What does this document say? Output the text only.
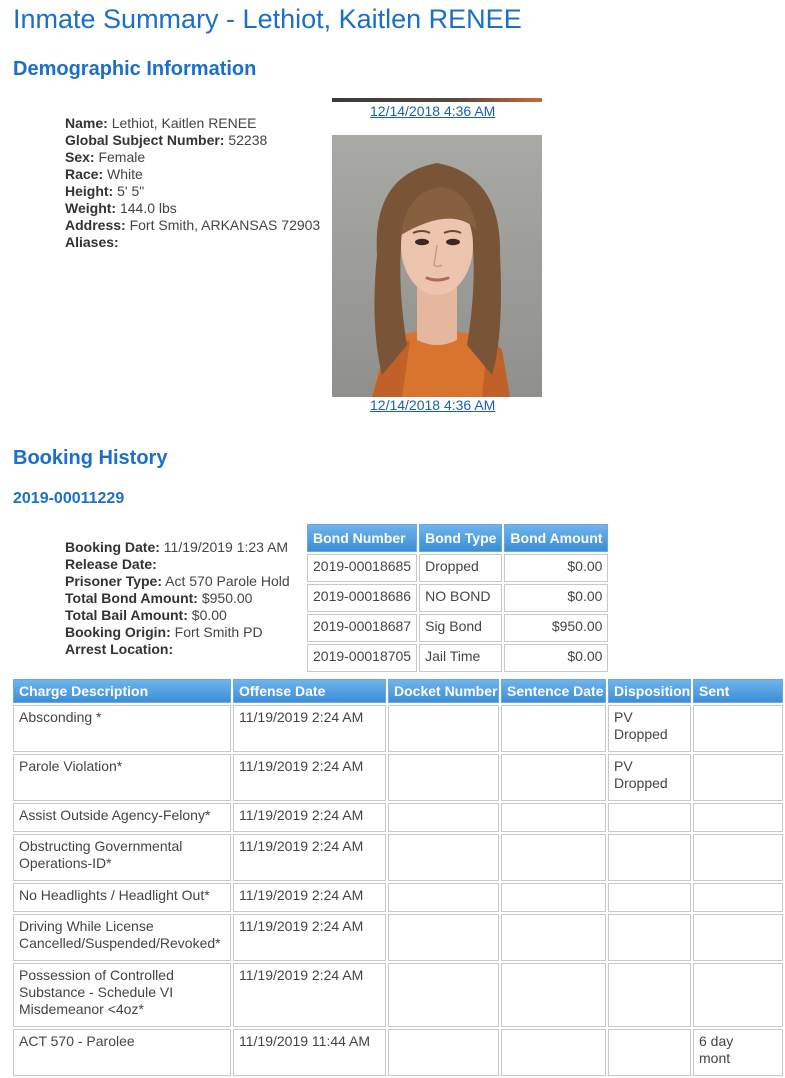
Inmate Summary - Lethiot, Kaitlen RENEE
Demographic Information
Name: Lethiot, Kaitlen RENEE
Global Subject Number: 52238
Sex: Female
Race: White
Height: 5' 5"
Weight: 144.0 lbs
Address: Fort Smith, ARKANSAS 72903
Aliases:
12/14/2018 4:36 AM
12/14/2018 4:36 AM
Booking History
2019-00011229
Booking Date: 11/19/2019 1:23 AM
Release Date:
Prisoner Type: Act 570 Parole Hold
Total Bond Amount: $950.00
Total Bail Amount: $0.00
Booking Origin: Fort Smith PD
Arrest Location:
Bond Number	Bond Type	Bond Amount
2019-00018685	Dropped	$0.00
2019-00018686	NO BOND	$0.00
2019-00018687	Sig Bond	$950.00
2019-00018705	Jail Time	$0.00
Charge Description	Offense Date	Docket Number	Sentence Date	Disposition	Sent
Absconding *	11/19/2019 2:24 AM			PV
Dropped	
Parole Violation*	11/19/2019 2:24 AM			PV
Dropped	
Assist Outside Agency-Felony*	11/19/2019 2:24 AM				
Obstructing Governmental Operations-ID*	11/19/2019 2:24 AM				
No Headlights / Headlight Out*	11/19/2019 2:24 AM				
Driving While License Cancelled/Suspended/Revoked*	11/19/2019 2:24 AM				
Possession of Controlled Substance - Schedule VI Misdemeanor <4oz*	11/19/2019 2:24 AM				
ACT 570 - Parolee	11/19/2019 11:44 AM				6 day
mont
